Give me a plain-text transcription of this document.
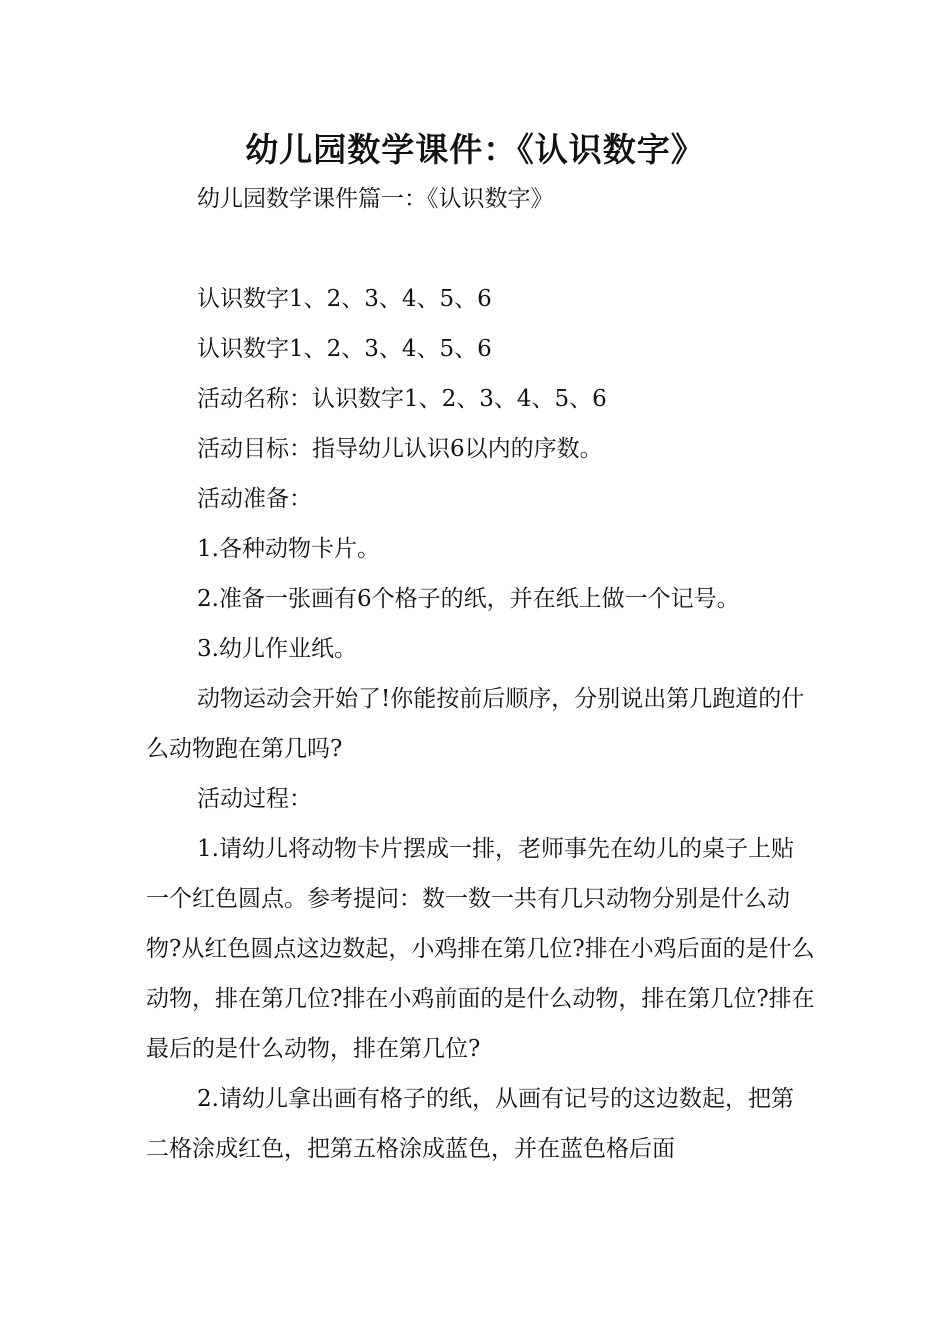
幼儿园数学课件：《认识数字》

幼儿园数学课件篇一：《认识数字》

认识数字1、2、3、4、5、6

认识数字1、2、3、4、5、6

活动名称：认识数字1、2、3、4、5、6

活动目标：指导幼儿认识6以内的序数。

活动准备：

1.各种动物卡片。

2.准备一张画有6个格子的纸，并在纸上做一个记号。

3.幼儿作业纸。

动物运动会开始了!你能按前后顺序，分别说出第几跑道的什么动物跑在第几吗?

活动过程：

1.请幼儿将动物卡片摆成一排，老师事先在幼儿的桌子上贴一个红色圆点。参考提问：数一数一共有几只动物分别是什么动物?从红色圆点这边数起，小鸡排在第几位?排在小鸡后面的是什么动物，排在第几位?排在小鸡前面的是什么动物，排在第几位?排在最后的是什么动物，排在第几位?

2.请幼儿拿出画有格子的纸，从画有记号的这边数起，把第二格涂成红色，把第五格涂成蓝色，并在蓝色格后面
